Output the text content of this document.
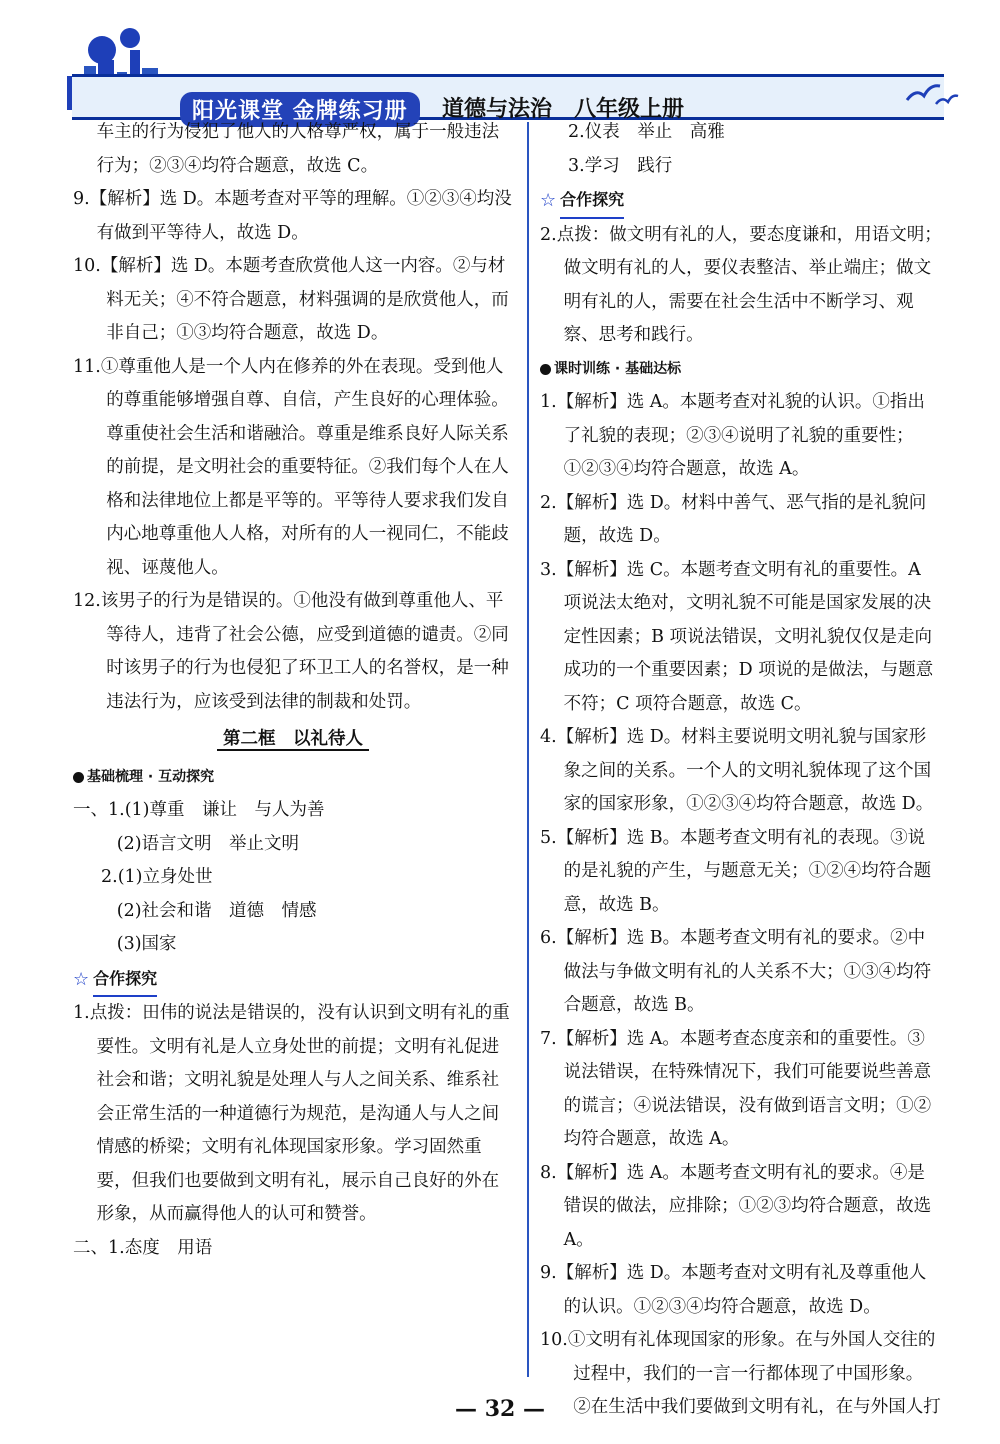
阳光课堂 金牌练习册	道德与法治　八年级上册
车主的行为侵犯了他人的人格尊严权，属于一般违法行为；②③④均符合题意，故选 C。
9.【解析】选 D。本题考查对平等的理解。①②③④均没有做到平等待人，故选 D。
10.【解析】选 D。本题考查欣赏他人这一内容。②与材料无关；④不符合题意，材料强调的是欣赏他人，而非自己；①③均符合题意，故选 D。
11.①尊重他人是一个人内在修养的外在表现。受到他人的尊重能够增强自尊、自信，产生良好的心理体验。尊重使社会生活和谐融洽。尊重是维系良好人际关系的前提，是文明社会的重要特征。②我们每个人在人格和法律地位上都是平等的。平等待人要求我们发自内心地尊重他人人格，对所有的人一视同仁，不能歧视、诬蔑他人。
12.该男子的行为是错误的。①他没有做到尊重他人、平等待人，违背了社会公德，应受到道德的谴责。②同时该男子的行为也侵犯了环卫工人的名誉权，是一种违法行为，应该受到法律的制裁和处罚。
第二框　以礼待人
基础梳理 · 互动探究
一、1.(1)尊重　谦让　与人为善
(2)语言文明　举止文明
2.(1)立身处世
(2)社会和谐　道德　情感
(3)国家
☆ 合作探究
1.点拨：田伟的说法是错误的，没有认识到文明有礼的重要性。文明有礼是人立身处世的前提；文明有礼促进社会和谐；文明礼貌是处理人与人之间关系、维系社会正常生活的一种道德行为规范，是沟通人与人之间情感的桥梁；文明有礼体现国家形象。学习固然重要，但我们也要做到文明有礼，展示自己良好的外在形象，从而赢得他人的认可和赞誉。
二、1.态度　用语
2.仪表　举止　高雅
3.学习　践行
☆ 合作探究
2.点拨：做文明有礼的人，要态度谦和，用语文明；做文明有礼的人，要仪表整洁、举止端庄；做文明有礼的人，需要在社会生活中不断学习、观察、思考和践行。
课时训练 · 基础达标
1.【解析】选 A。本题考查对礼貌的认识。①指出了礼貌的表现；②③④说明了礼貌的重要性；①②③④均符合题意，故选 A。
2.【解析】选 D。材料中善气、恶气指的是礼貌问题，故选 D。
3.【解析】选 C。本题考查文明有礼的重要性。A 项说法太绝对，文明礼貌不可能是国家发展的决定性因素；B 项说法错误，文明礼貌仅仅是走向成功的一个重要因素；D 项说的是做法，与题意不符；C 项符合题意，故选 C。
4.【解析】选 D。材料主要说明文明礼貌与国家形象之间的关系。一个人的文明礼貌体现了这个国家的国家形象，①②③④均符合题意，故选 D。
5.【解析】选 B。本题考查文明有礼的表现。③说的是礼貌的产生，与题意无关；①②④均符合题意，故选 B。
6.【解析】选 B。本题考查文明有礼的要求。②中做法与争做文明有礼的人关系不大；①③④均符合题意，故选 B。
7.【解析】选 A。本题考查态度亲和的重要性。③说法错误，在特殊情况下，我们可能要说些善意的谎言；④说法错误，没有做到语言文明；①②均符合题意，故选 A。
8.【解析】选 A。本题考查文明有礼的要求。④是错误的做法，应排除；①②③均符合题意，故选 A。
9.【解析】选 D。本题考查对文明有礼及尊重他人的认识。①②③④均符合题意，故选 D。
10.①文明有礼体现国家的形象。在与外国人交往的过程中，我们的一言一行都体现了中国形象。
②在生活中我们要做到文明有礼，在与外国人打
— 32 —
